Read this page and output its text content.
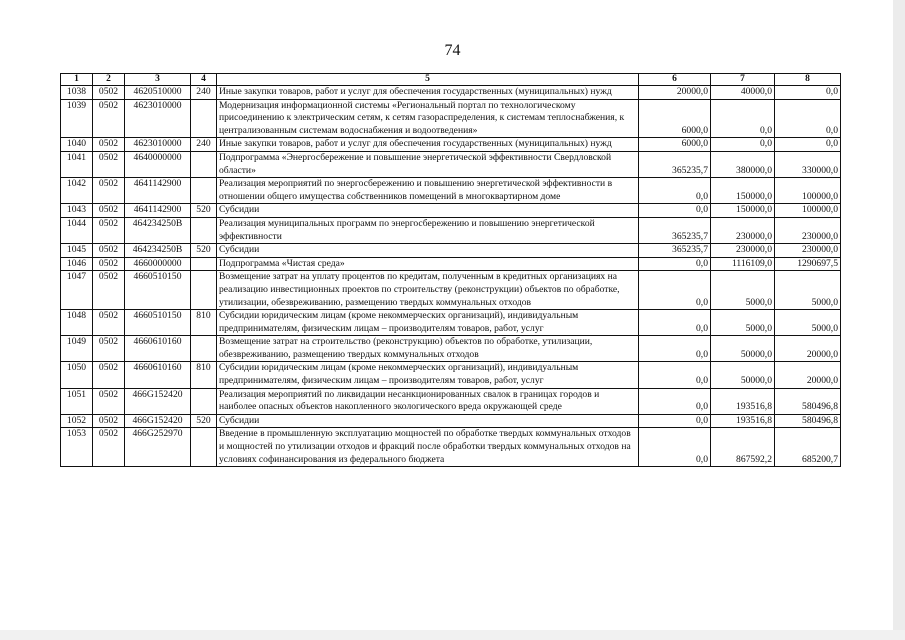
74
1	2	3	4	5	6	7	8
1038	0502	4620510000	240	Иные закупки товаров, работ и услуг для обеспечения государственных (муниципальных) нужд	20000,0	40000,0	0,0
1039	0502	4623010000		Модернизация информационной системы «Региональный портал по технологическому присоединению к электрическим сетям, к сетям газораспределения, к системам теплоснабжения, к централизованным системам водоснабжения и водоотведения»	6000,0	0,0	0,0
1040	0502	4623010000	240	Иные закупки товаров, работ и услуг для обеспечения государственных (муниципальных) нужд	6000,0	0,0	0,0
1041	0502	4640000000		Подпрограмма «Энергосбережение и повышение энергетической эффективности Свердловской области»	365235,7	380000,0	330000,0
1042	0502	4641142900		Реализация мероприятий по энергосбережению и повышению энергетической эффективности в отношении общего имущества собственников помещений в многоквартирном доме	0,0	150000,0	100000,0
1043	0502	4641142900	520	Субсидии	0,0	150000,0	100000,0
1044	0502	464234250В		Реализация муниципальных программ по энергосбережению и повышению энергетической эффективности	365235,7	230000,0	230000,0
1045	0502	464234250В	520	Субсидии	365235,7	230000,0	230000,0
1046	0502	4660000000		Подпрограмма «Чистая среда»	0,0	1116109,0	1290697,5
1047	0502	4660510150		Возмещение затрат на уплату процентов по кредитам, полученным в кредитных организациях на реализацию инвестиционных проектов по строительству (реконструкции) объектов по обработке, утилизации, обезвреживанию, размещению твердых коммунальных отходов	0,0	5000,0	5000,0
1048	0502	4660510150	810	Субсидии юридическим лицам (кроме некоммерческих организаций), индивидуальным предпринимателям, физическим лицам – производителям товаров, работ, услуг	0,0	5000,0	5000,0
1049	0502	4660610160		Возмещение затрат на строительство (реконструкцию) объектов по обработке, утилизации, обезвреживанию, размещению твердых коммунальных отходов	0,0	50000,0	20000,0
1050	0502	4660610160	810	Субсидии юридическим лицам (кроме некоммерческих организаций), индивидуальным предпринимателям, физическим лицам – производителям товаров, работ, услуг	0,0	50000,0	20000,0
1051	0502	466G152420		Реализация мероприятий по ликвидации несанкционированных свалок в границах городов и наиболее опасных объектов накопленного экологического вреда окружающей среде	0,0	193516,8	580496,8
1052	0502	466G152420	520	Субсидии	0,0	193516,8	580496,8
1053	0502	466G252970		Введение в промышленную эксплуатацию мощностей по обработке твердых коммунальных отходов и мощностей по утилизации отходов и фракций после обработки твердых коммунальных отходов на условиях софинансирования из федерального бюджета	0,0	867592,2	685200,7
